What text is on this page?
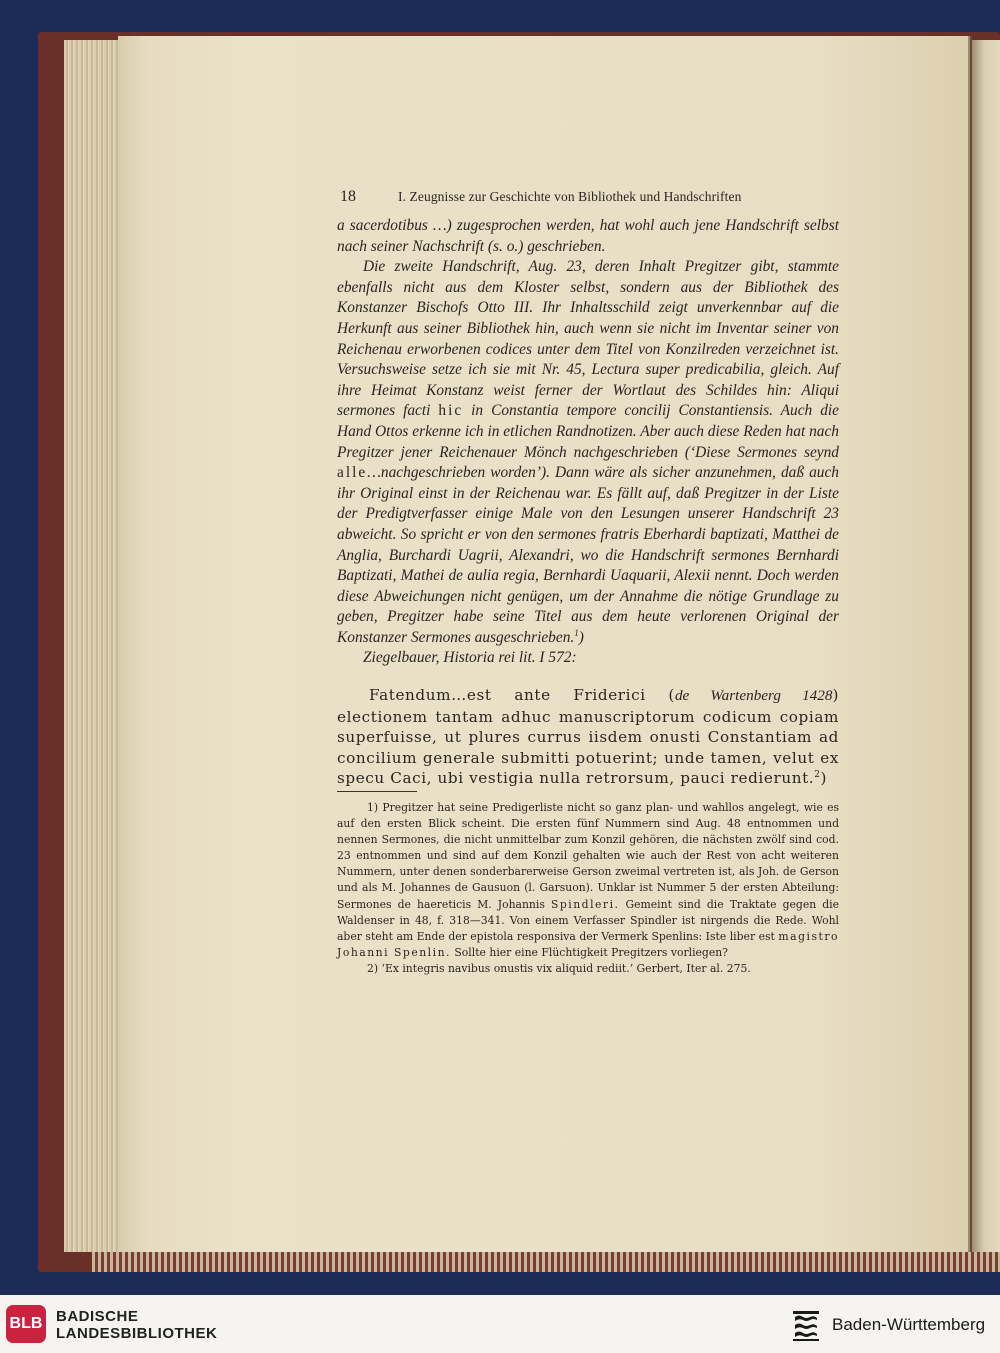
18	I. Zeugnisse zur Geschichte von Bibliothek und Handschriften

a sacerdotibus …) zugesprochen werden, hat wohl auch jene Handschrift selbst nach seiner Nachschrift (s. o.) geschrieben.

Die zweite Handschrift, Aug. 23, deren Inhalt Pregitzer gibt, stammte ebenfalls nicht aus dem Kloster selbst, sondern aus der Bibliothek des Konstanzer Bischofs Otto III. Ihr Inhaltsschild zeigt unverkennbar auf die Herkunft aus seiner Bibliothek hin, auch wenn sie nicht im Inventar seiner von Reichenau erworbenen codices unter dem Titel von Konzilreden verzeichnet ist. Versuchsweise setze ich sie mit Nr. 45, Lectura super predicabilia, gleich. Auf ihre Heimat Konstanz weist ferner der Wortlaut des Schildes hin: Aliqui sermones facti hic in Constantia tempore concilij Constantiensis. Auch die Hand Ottos erkenne ich in etlichen Randnotizen. Aber auch diese Reden hat nach Pregitzer jener Reichenauer Mönch nachgeschrieben (‘Diese Sermones seynd alle…nachgeschrieben worden’). Dann wäre als sicher anzunehmen, daß auch ihr Original einst in der Reichenau war. Es fällt auf, daß Pregitzer in der Liste der Predigtverfasser einige Male von den Lesungen unserer Handschrift 23 abweicht. So spricht er von den sermones fratris Eberhardi baptizati, Matthei de Anglia, Burchardi Uagrii, Alexandri, wo die Handschrift sermones Bernhardi Baptizati, Mathei de aulia regia, Bernhardi Uaquarii, Alexii nennt. Doch werden diese Abweichungen nicht genügen, um der Annahme die nötige Grundlage zu geben, Pregitzer habe seine Titel aus dem heute verlorenen Original der Konstanzer Sermones ausgeschrieben.$^1$)

Ziegelbauer, Historia rei lit. I 572:

Fatendum…est ante Friderici (de Wartenberg 1428) electionem tantam adhuc manuscriptorum codicum copiam superfuisse, ut plures currus iisdem onusti Constantiam ad concilium generale submitti potuerint; unde tamen, velut ex specu Caci, ubi vestigia nulla retrorsum, pauci redierunt.$^2$)

1) Pregitzer hat seine Predigerliste nicht so ganz plan- und wahllos angelegt, wie es auf den ersten Blick scheint. Die ersten fünf Nummern sind Aug. 48 entnommen und nennen Sermones, die nicht unmittelbar zum Konzil gehören, die nächsten zwölf sind cod. 23 entnommen und sind auf dem Konzil gehalten wie auch der Rest von acht weiteren Nummern, unter denen sonderbarerweise Gerson zweimal vertreten ist, als Joh. de Gerson und als M. Johannes de Gausuon (l. Garsuon). Unklar ist Nummer 5 der ersten Abteilung: Sermones de haereticis M. Johannis Spindleri. Gemeint sind die Traktate gegen die Waldenser in 48, f. 318—341. Von einem Verfasser Spindler ist nirgends die Rede. Wohl aber steht am Ende der epistola responsiva der Vermerk Spenlins: Iste liber est magistro Johanni Spenlin. Sollte hier eine Flüchtigkeit Pregitzers vorliegen?

2) ‘Ex integris navibus onustis vix aliquid rediit.’ Gerbert, Iter al. 275.

BLB BADISCHE
LANDESBIBLIOTHEK	Baden-Württemberg
